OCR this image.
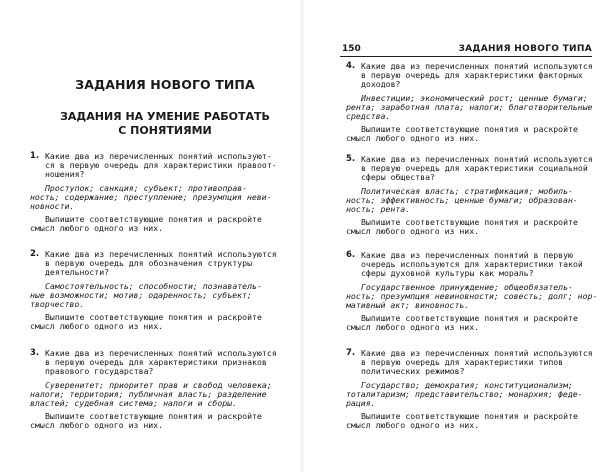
ЗАДАНИЯ НОВОГО ТИПА
ЗАДАНИЯ НА УМЕНИЕ РАБОТАТЬ
С ПОНЯТИЯМИ
1. Какие два из перечисленных понятий используют-
ся в первую очередь для характеристики правоот-
ношения?
Проступок; санкция; субъект; противоправ-
ность; содержание; преступление; презумпция неви-
новности.
Выпишите соответствующие понятия и раскройте
смысл любого одного из них.
2. Какие два из перечисленных понятий используются
в первую очередь для обозначения структуры
деятельности?
Самостоятельность; способности; познаватель-
ные возможности; мотив; одаренность; субъект;
творчество.
Выпишите соответствующие понятия и раскройте
смысл любого одного из них.
3. Какие два из перечисленных понятий используются
в первую очередь для характеристики признаков
правового государства?
Суверенитет; приоритет прав и свобод человека;
налоги; территория; публичная власть; разделение
властей; судебная система; налоги и сборы.
Выпишите соответствующие понятия и раскройте
смысл любого одного из них.
150	ЗАДАНИЯ НОВОГО ТИПА
4. Какие два из перечисленных понятий используются
в первую очередь для характеристики факторных
доходов?
Инвестиции; экономический рост; ценные бумаги;
рента; заработная плата; налоги; благотворительные
средства.
Выпишите соответствующие понятия и раскройте
смысл любого одного из них.
5. Какие два из перечисленных понятий используются
в первую очередь для характеристики социальной
сферы общества?
Политическая власть; стратификация; мобиль-
ность; эффективность; ценные бумаги; образован-
ность; рента.
Выпишите соответствующие понятия и раскройте
смысл любого одного из них.
6. Какие два из перечисленных понятий в первую
очередь используются для характеристики такой
сферы духовной культуры как мораль?
Государственное принуждение; общеобязатель-
ность; презумпция невиновности; совесть; долг; нор-
мативный акт; виновность.
Выпишите соответствующие понятия и раскройте
смысл любого одного из них.
7. Какие два из перечисленных понятий используются
в первую очередь для характеристики типов
политических режимов?
Государство; демократия; конституционализм;
тоталитаризм; представительство; монархия; феде-
рация.
Выпишите соответствующие понятия и раскройте
смысл любого одного из них.
